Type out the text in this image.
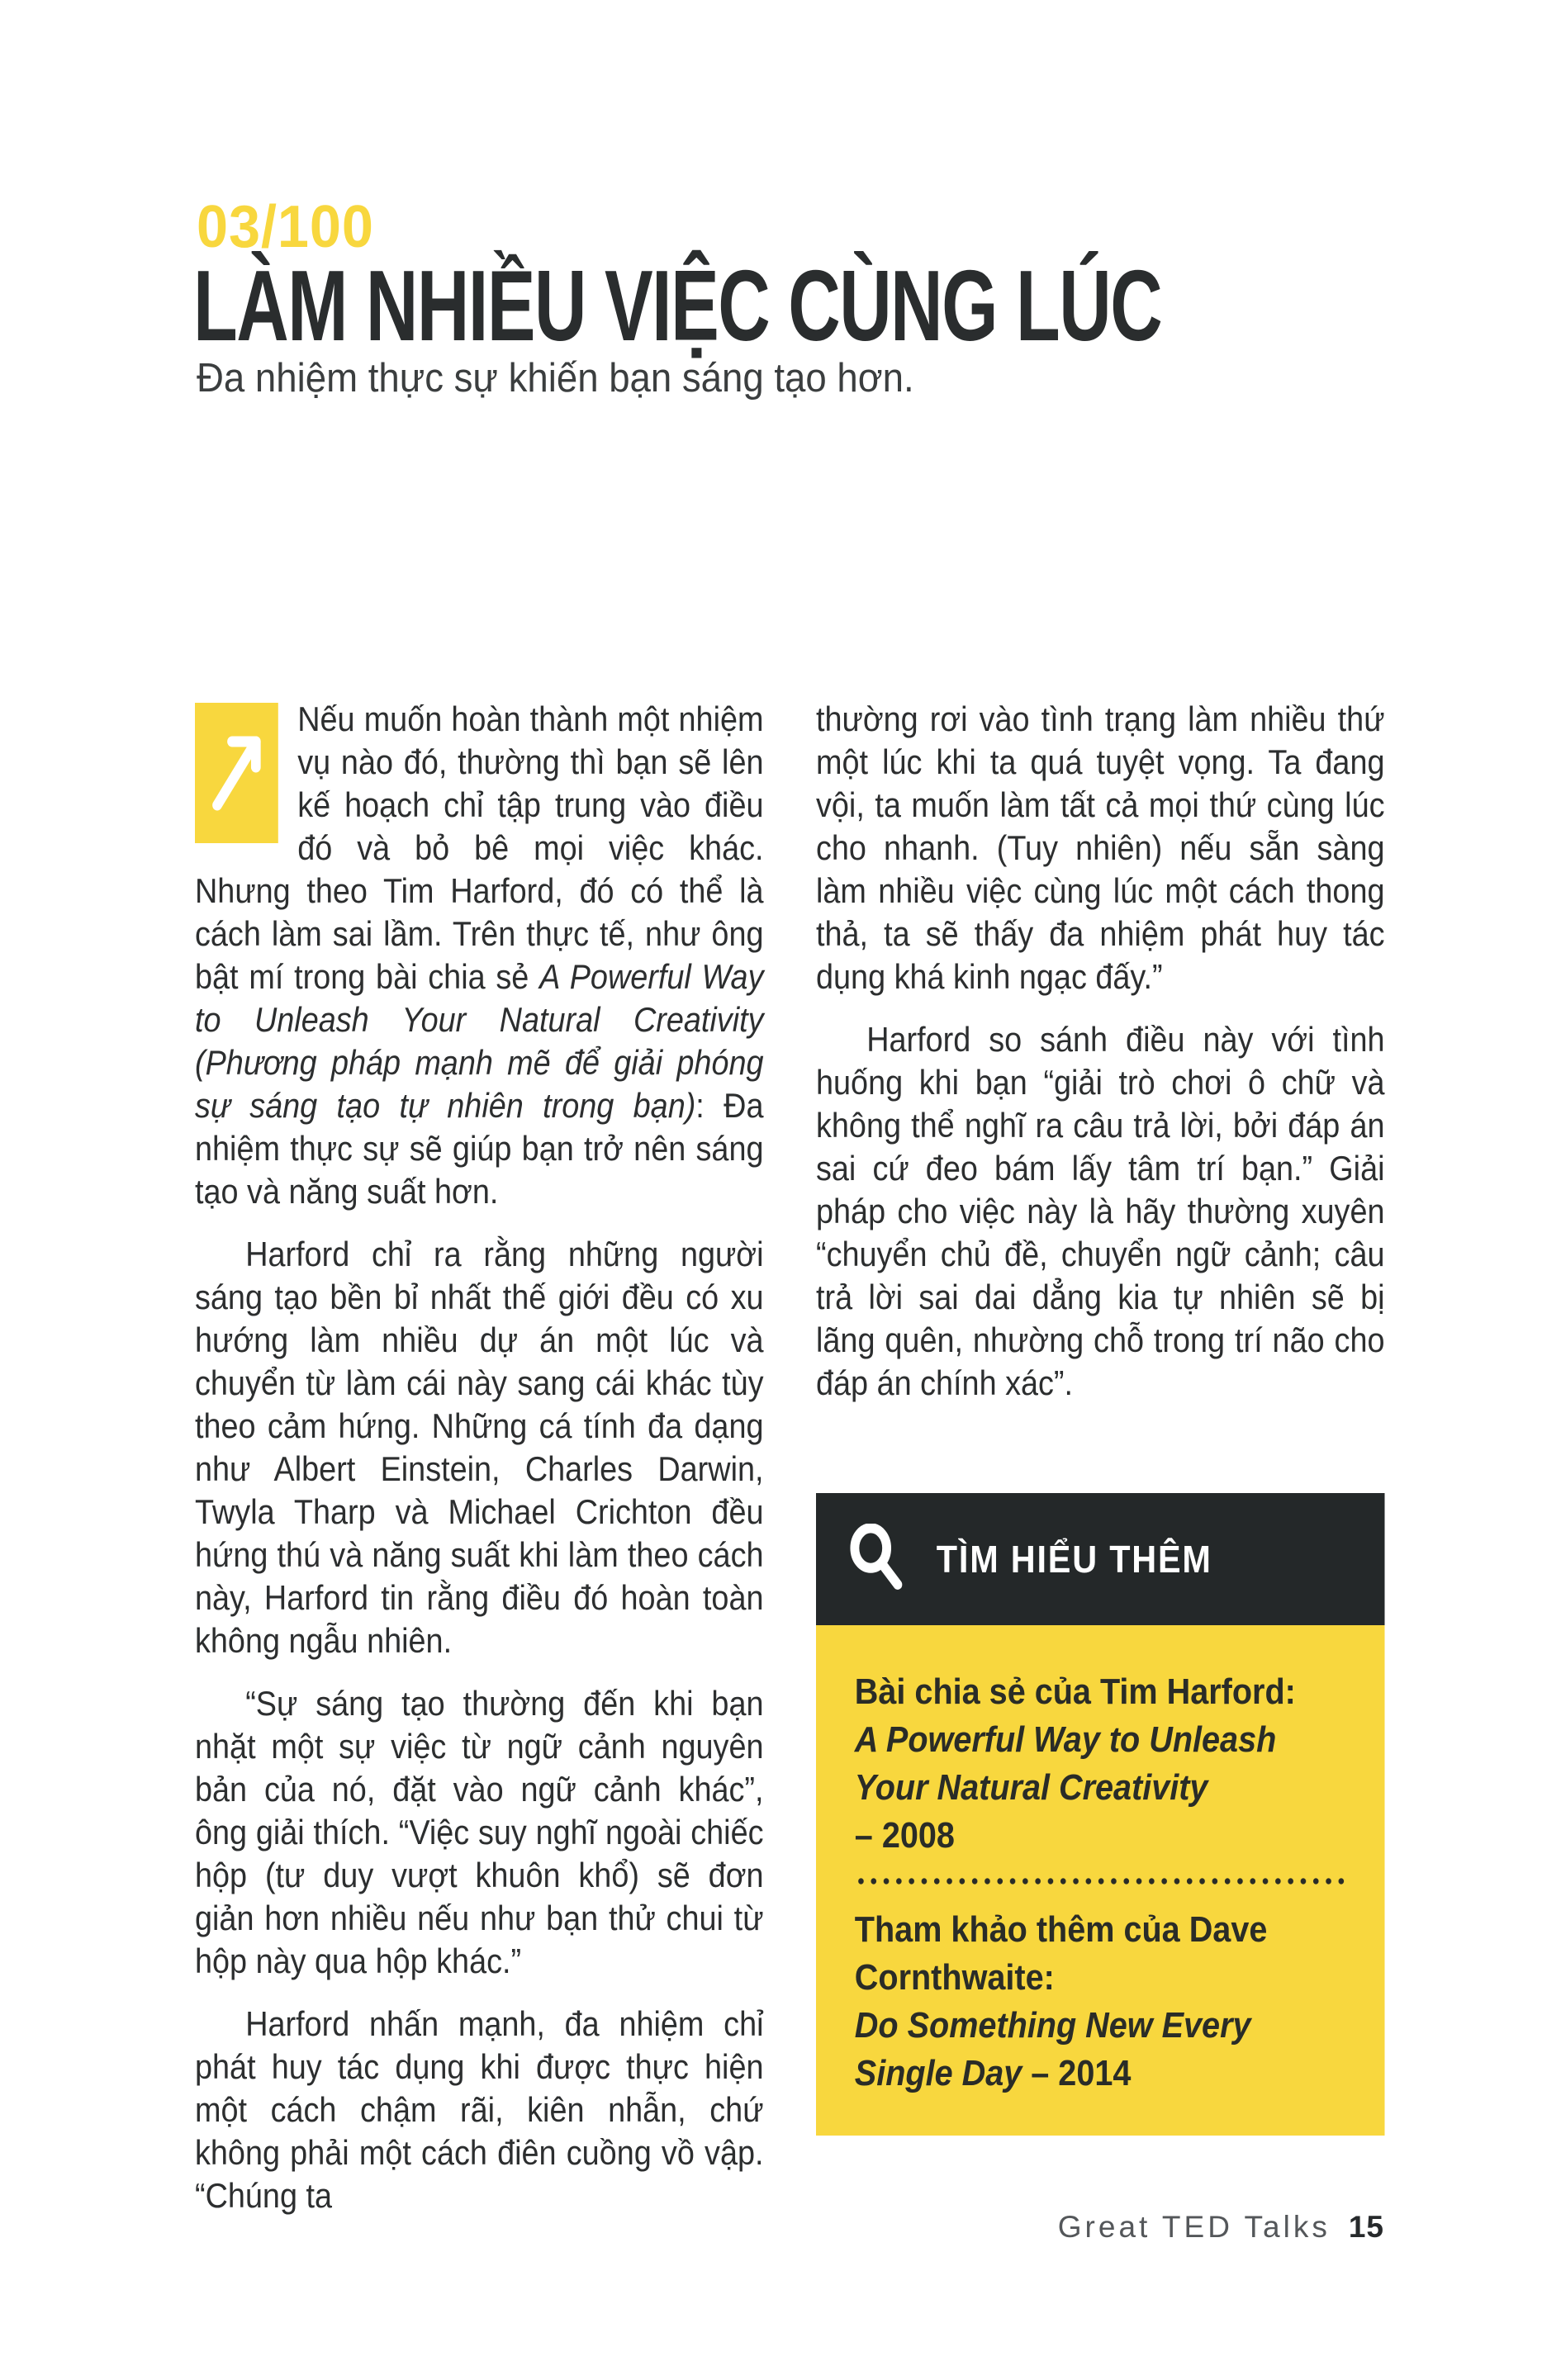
03/100
LÀM NHIỀU VIỆC CÙNG LÚC
Đa nhiệm thực sự khiến bạn sáng tạo hơn.

Nếu muốn hoàn thành một nhiệm vụ nào đó, thường thì bạn sẽ lên kế hoạch chỉ tập trung vào điều đó và bỏ bê mọi việc khác. Nhưng theo Tim Harford, đó có thể là cách làm sai lầm. Trên thực tế, như ông bật mí trong bài chia sẻ A Powerful Way to Unleash Your Natural Creativity (Phương pháp mạnh mẽ để giải phóng sự sáng tạo tự nhiên trong bạn): Đa nhiệm thực sự sẽ giúp bạn trở nên sáng tạo và năng suất hơn.

Harford chỉ ra rằng những người sáng tạo bền bỉ nhất thế giới đều có xu hướng làm nhiều dự án một lúc và chuyển từ làm cái này sang cái khác tùy theo cảm hứng. Những cá tính đa dạng như Albert Einstein, Charles Darwin, Twyla Tharp và Michael Crichton đều hứng thú và năng suất khi làm theo cách này, Harford tin rằng điều đó hoàn toàn không ngẫu nhiên.

“Sự sáng tạo thường đến khi bạn nhặt một sự việc từ ngữ cảnh nguyên bản của nó, đặt vào ngữ cảnh khác”, ông giải thích. “Việc suy nghĩ ngoài chiếc hộp (tư duy vượt khuôn khổ) sẽ đơn giản hơn nhiều nếu như bạn thử chui từ hộp này qua hộp khác.”

Harford nhấn mạnh, đa nhiệm chỉ phát huy tác dụng khi được thực hiện một cách chậm rãi, kiên nhẫn, chứ không phải một cách điên cuồng vồ vập. “Chúng ta

TÌM HIỂU THÊM
Bài chia sẻ của Tim Harford:
A Powerful Way to Unleash Your Natural Creativity
– 2008
Tham khảo thêm của Dave Cornthwaite:
Do Something New Every Single Day – 2014

thường rơi vào tình trạng làm nhiều thứ một lúc khi ta quá tuyệt vọng. Ta đang vội, ta muốn làm tất cả mọi thứ cùng lúc cho nhanh. (Tuy nhiên) nếu sẵn sàng làm nhiều việc cùng lúc một cách thong thả, ta sẽ thấy đa nhiệm phát huy tác dụng khá kinh ngạc đấy.”

Harford so sánh điều này với tình huống khi bạn “giải trò chơi ô chữ và không thể nghĩ ra câu trả lời, bởi đáp án sai cứ đeo bám lấy tâm trí bạn.” Giải pháp cho việc này là hãy thường xuyên “chuyển chủ đề, chuyển ngữ cảnh; câu trả lời sai dai dẳng kia tự nhiên sẽ bị lãng quên, nhường chỗ trong trí não cho đáp án chính xác”.

Great TED Talks 15
